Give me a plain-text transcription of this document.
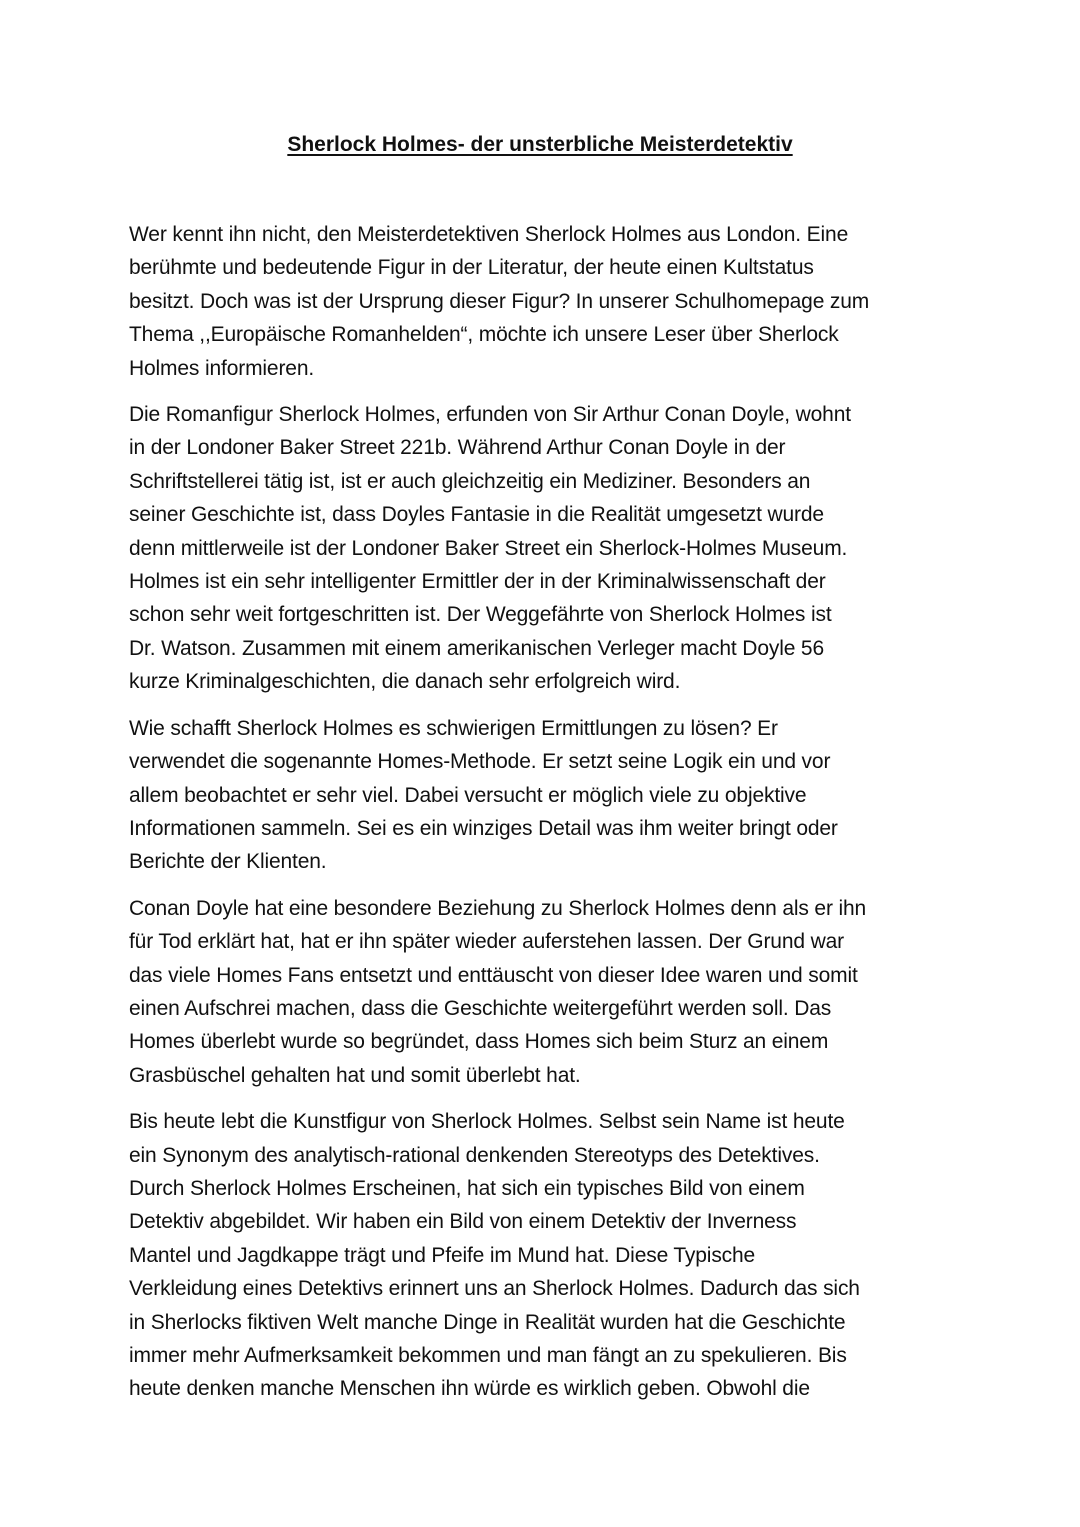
Sherlock Holmes- der unsterbliche Meisterdetektiv

Wer kennt ihn nicht, den Meisterdetektiven Sherlock Holmes aus London. Eine
berühmte und bedeutende Figur in der Literatur, der heute einen Kultstatus
besitzt. Doch was ist der Ursprung dieser Figur? In unserer Schulhomepage zum
Thema ,,Europäische Romanhelden“, möchte ich unsere Leser über Sherlock
Holmes informieren.

Die Romanfigur Sherlock Holmes, erfunden von Sir Arthur Conan Doyle, wohnt
in der Londoner Baker Street 221b. Während Arthur Conan Doyle in der
Schriftstellerei tätig ist, ist er auch gleichzeitig ein Mediziner. Besonders an
seiner Geschichte ist, dass Doyles Fantasie in die Realität umgesetzt wurde
denn mittlerweile ist der Londoner Baker Street ein Sherlock-Holmes Museum.
Holmes ist ein sehr intelligenter Ermittler der in der Kriminalwissenschaft der
schon sehr weit fortgeschritten ist. Der Weggefährte von Sherlock Holmes ist
Dr. Watson. Zusammen mit einem amerikanischen Verleger macht Doyle 56
kurze Kriminalgeschichten, die danach sehr erfolgreich wird.

Wie schafft Sherlock Holmes es schwierigen Ermittlungen zu lösen? Er
verwendet die sogenannte Homes-Methode. Er setzt seine Logik ein und vor
allem beobachtet er sehr viel. Dabei versucht er möglich viele zu objektive
Informationen sammeln. Sei es ein winziges Detail was ihm weiter bringt oder
Berichte der Klienten.

Conan Doyle hat eine besondere Beziehung zu Sherlock Holmes denn als er ihn
für Tod erklärt hat, hat er ihn später wieder auferstehen lassen. Der Grund war
das viele Homes Fans entsetzt und enttäuscht von dieser Idee waren und somit
einen Aufschrei machen, dass die Geschichte weitergeführt werden soll. Das
Homes überlebt wurde so begründet, dass Homes sich beim Sturz an einem
Grasbüschel gehalten hat und somit überlebt hat.

Bis heute lebt die Kunstfigur von Sherlock Holmes. Selbst sein Name ist heute
ein Synonym des analytisch-rational denkenden Stereotyps des Detektives.
Durch Sherlock Holmes Erscheinen, hat sich ein typisches Bild von einem
Detektiv abgebildet. Wir haben ein Bild von einem Detektiv der Inverness
Mantel und Jagdkappe trägt und Pfeife im Mund hat. Diese Typische
Verkleidung eines Detektivs erinnert uns an Sherlock Holmes. Dadurch das sich
in Sherlocks fiktiven Welt manche Dinge in Realität wurden hat die Geschichte
immer mehr Aufmerksamkeit bekommen und man fängt an zu spekulieren. Bis
heute denken manche Menschen ihn würde es wirklich geben. Obwohl die
